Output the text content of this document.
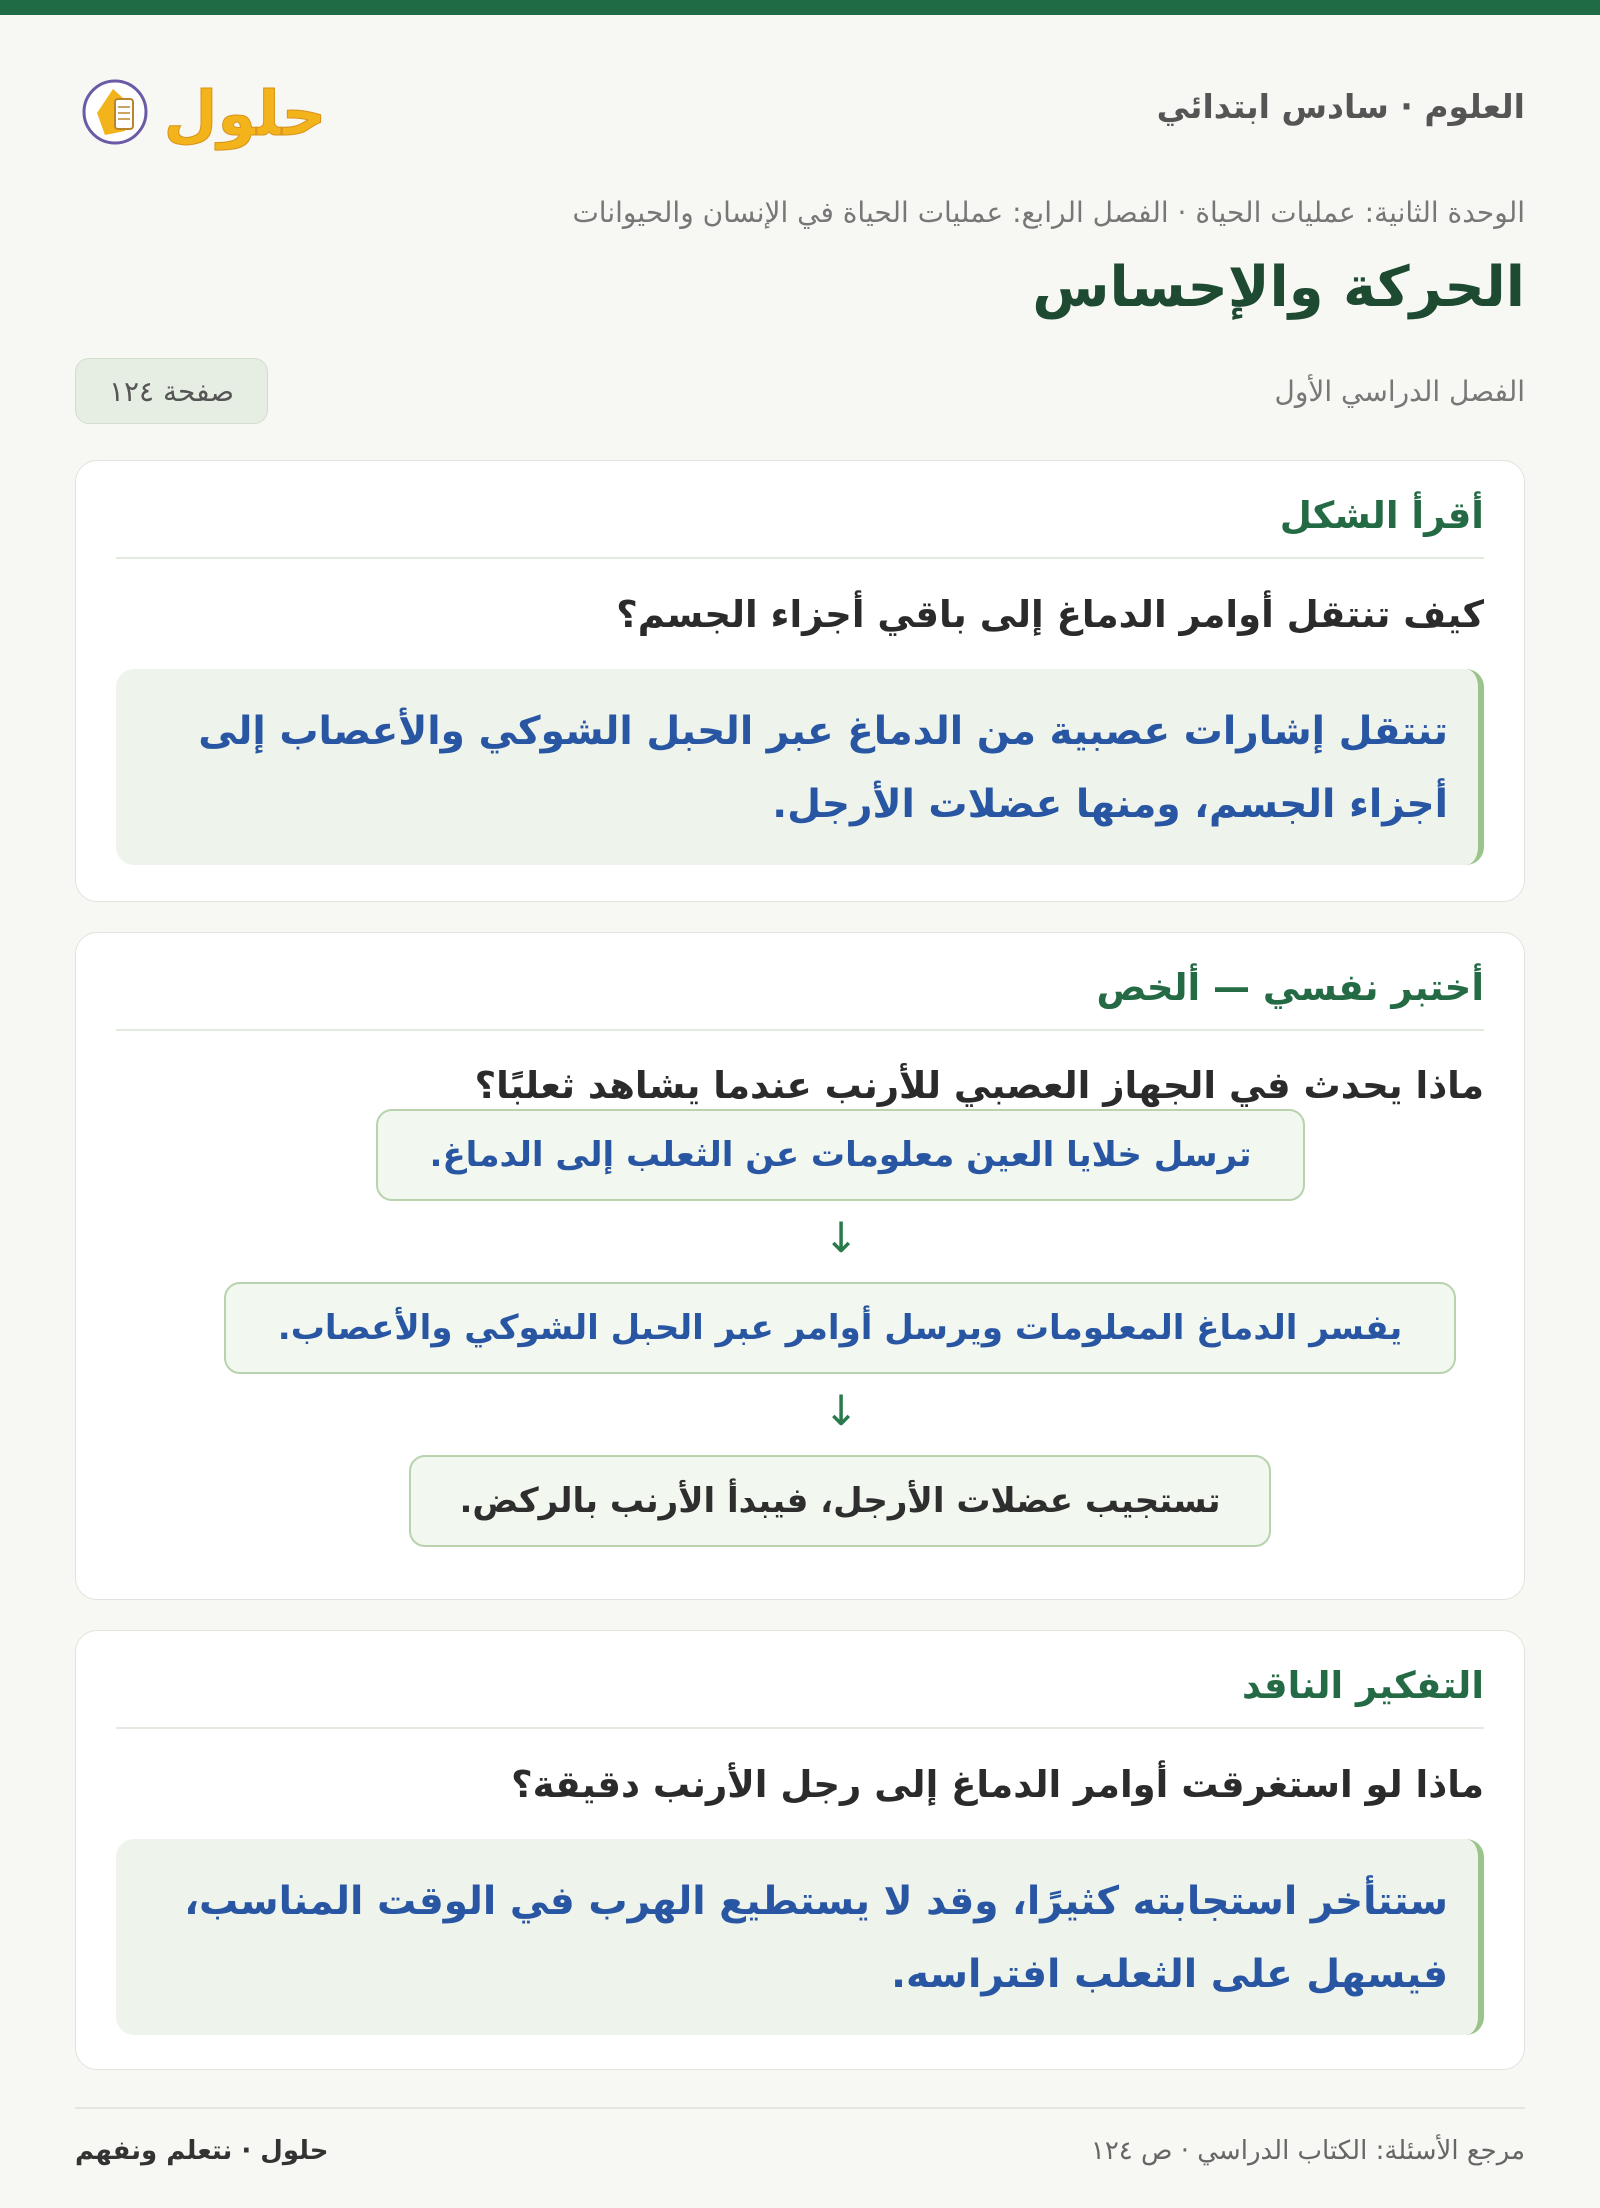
العلوم · سادس ابتدائي
حلول
الوحدة الثانية: عمليات الحياة · الفصل الرابع: عمليات الحياة في الإنسان والحيوانات
الحركة والإحساس
الفصل الدراسي الأول
صفحة ١٢٤
أقرأ الشكل
كيف تنتقل أوامر الدماغ إلى باقي أجزاء الجسم؟
تنتقل إشارات عصبية من الدماغ عبر الحبل الشوكي والأعصاب إلى أجزاء الجسم، ومنها عضلات الأرجل.
أختبر نفسي — ألخص
ماذا يحدث في الجهاز العصبي للأرنب عندما يشاهد ثعلبًا؟
ترسل خلايا العين معلومات عن الثعلب إلى الدماغ.
↓
يفسر الدماغ المعلومات ويرسل أوامر عبر الحبل الشوكي والأعصاب.
↓
تستجيب عضلات الأرجل، فيبدأ الأرنب بالركض.
التفكير الناقد
ماذا لو استغرقت أوامر الدماغ إلى رجل الأرنب دقيقة؟
ستتأخر استجابته كثيرًا، وقد لا يستطيع الهرب في الوقت المناسب، فيسهل على الثعلب افتراسه.
مرجع الأسئلة: الكتاب الدراسي · ص ١٢٤
حلول · نتعلم ونفهم
